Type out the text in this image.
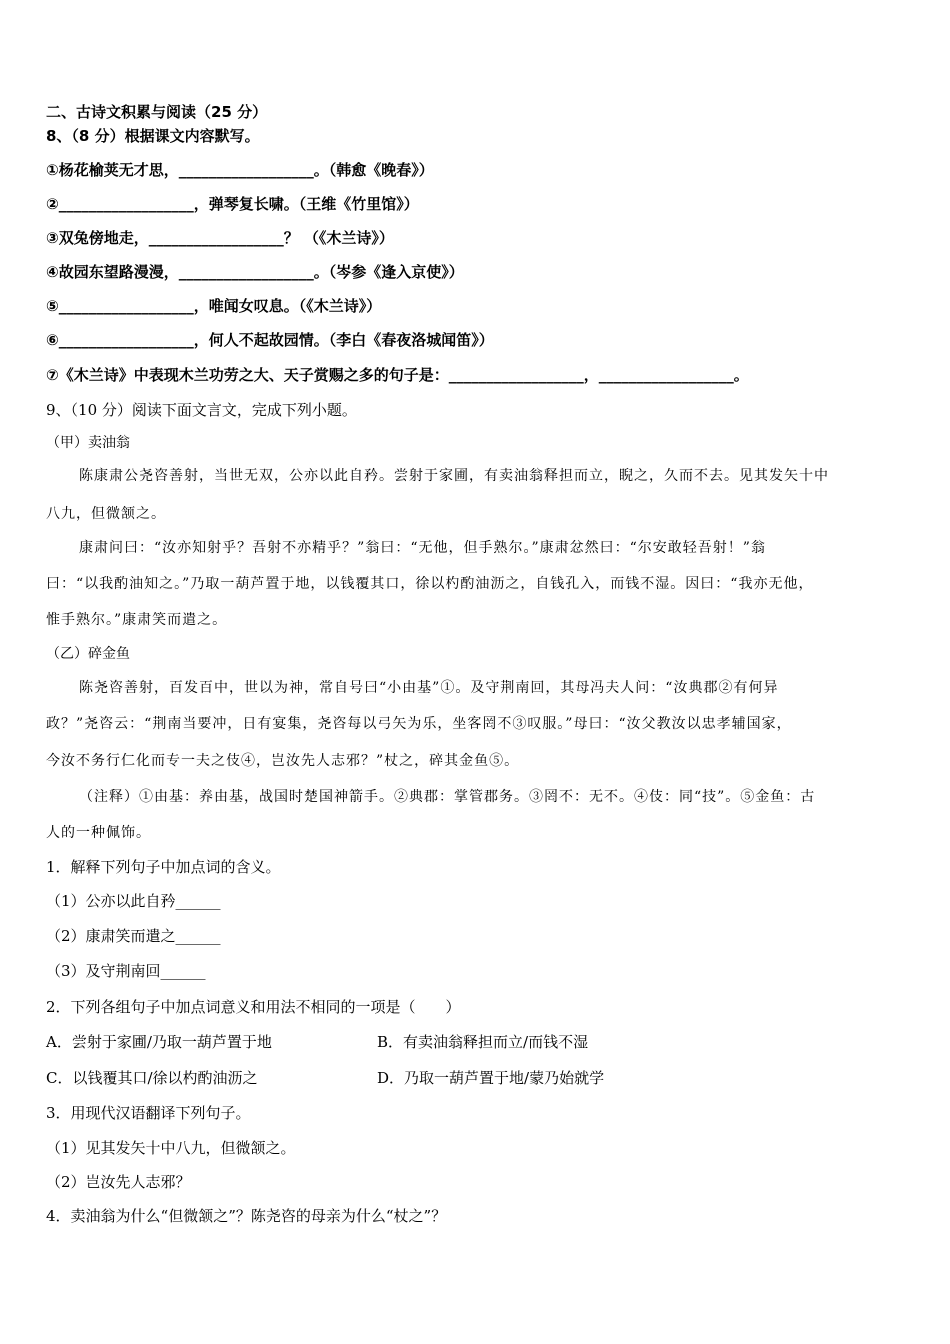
二、古诗文积累与阅读（25 分）
8、（8 分）根据课文内容默写。
①杨花榆荚无才思，__________________。（韩愈《晚春》）
②__________________，弹琴复长啸。（王维《竹里馆》）
③双兔傍地走，__________________？ （《木兰诗》）
④故园东望路漫漫，__________________。（岑参《逢入京使》）
⑤__________________，唯闻女叹息。（《木兰诗》）
⑥__________________，何人不起故园情。（李白《春夜洛城闻笛》）
⑦《木兰诗》中表现木兰功劳之大、天子赏赐之多的句子是：__________________，__________________。
9、（10 分）阅读下面文言文，完成下列小题。
（甲）卖油翁
陈康肃公尧咨善射，当世无双，公亦以此自矜。尝射于家圃，有卖油翁释担而立，睨之，久而不去。见其发矢十中
八九，但微颔之。
康肃问曰：“汝亦知射乎？吾射不亦精乎？”翁曰：“无他，但手熟尔。”康肃忿然曰：“尔安敢轻吾射！”翁
曰：“以我酌油知之。”乃取一葫芦置于地，以钱覆其口，徐以杓酌油沥之，自钱孔入，而钱不湿。因曰：“我亦无他，
惟手熟尔。”康肃笑而遣之。
（乙）碎金鱼
陈尧咨善射，百发百中，世以为神，常自号曰“小由基”①。及守荆南回，其母冯夫人问：“汝典郡②有何异
政？”尧咨云：“荆南当要冲，日有宴集，尧咨每以弓矢为乐，坐客罔不③叹服。”母曰：“汝父教汝以忠孝辅国家，
今汝不务行仁化而专一夫之伎④，岂汝先人志邪？”杖之，碎其金鱼⑤。
（注释）①由基：养由基，战国时楚国神箭手。②典郡：掌管郡务。③罔不：无不。④伎：同“技”。⑤金鱼：古
人的一种佩饰。
1．解释下列句子中加点词的含义。
（1）公亦以此自矜______
（2）康肃笑而遣之______
（3）及守荆南回______
2．下列各组句子中加点词意义和用法不相同的一项是（　　）
A．尝射于家圃/乃取一葫芦置于地	B．有卖油翁释担而立/而钱不湿
C．以钱覆其口/徐以杓酌油沥之	D．乃取一葫芦置于地/蒙乃始就学
3．用现代汉语翻译下列句子。
（1）见其发矢十中八九，但微颔之。
（2）岂汝先人志邪？
4．卖油翁为什么“但微颔之”？陈尧咨的母亲为什么“杖之”？
